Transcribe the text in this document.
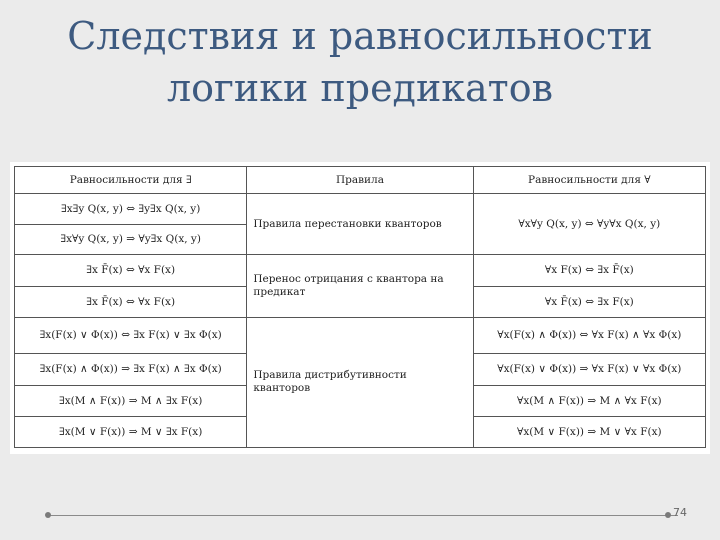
Следствия и равносильности
логики предикатов
Равносильности для ∃	Правила	Равносильности для ∀
∃x∃y Q(x, y) ⇔ ∃y∃x Q(x, y)	Правила перестановки кванторов	∀x∀y Q(x, y) ⇔ ∀y∀x Q(x, y)
∃x∀y Q(x, y) ⇒ ∀y∃x Q(x, y)		
∃x F̄(x) ⇔ ∀x F(x)	Перенос отрицания с квантора на предикат	∀x F(x) ⇔ ∃x F̄(x)
∃x F̄(x) ⇔ ∀x F(x)		∀x F̄(x) ⇔ ∃x F(x)
∃x(F(x) ∨ Φ(x)) ⇔ ∃x F(x) ∨ ∃x Φ(x)	Правила дистрибутивности кванторов	∀x(F(x) ∧ Φ(x)) ⇔ ∀x F(x) ∧ ∀x Φ(x)
∃x(F(x) ∧ Φ(x)) ⇒ ∃x F(x) ∧ ∃x Φ(x)		∀x(F(x) ∨ Φ(x)) ⇒ ∀x F(x) ∨ ∀x Φ(x)
∃x(M ∧ F(x)) ⇒ M ∧ ∃x F(x)		∀x(M ∧ F(x)) ⇒ M ∧ ∀x F(x)
∃x(M ∨ F(x)) ⇒ M ∨ ∃x F(x)		∀x(M ∨ F(x)) ⇒ M ∨ ∀x F(x)
74
